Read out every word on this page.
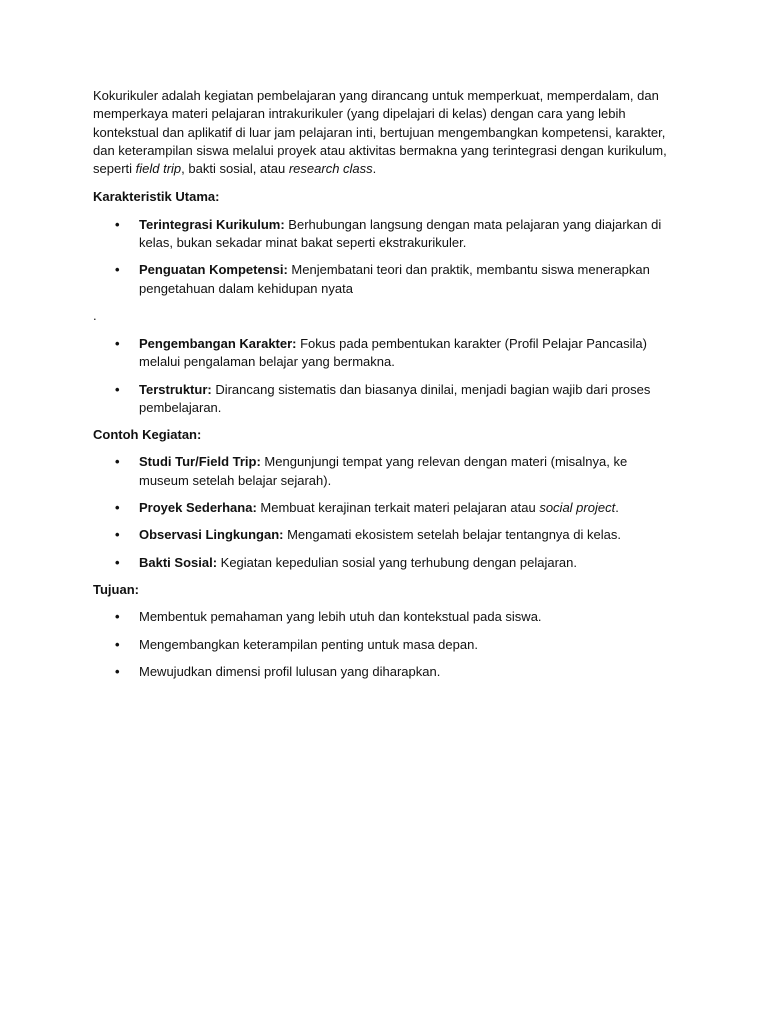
Kokurikuler adalah kegiatan pembelajaran yang dirancang untuk memperkuat, memperdalam, dan memperkaya materi pelajaran intrakurikuler (yang dipelajari di kelas) dengan cara yang lebih kontekstual dan aplikatif di luar jam pelajaran inti, bertujuan mengembangkan kompetensi, karakter, dan keterampilan siswa melalui proyek atau aktivitas bermakna yang terintegrasi dengan kurikulum, seperti field trip, bakti sosial, atau research class.

Karakteristik Utama:
• Terintegrasi Kurikulum: Berhubungan langsung dengan mata pelajaran yang diajarkan di kelas, bukan sekadar minat bakat seperti ekstrakurikuler.
• Penguatan Kompetensi: Menjembatani teori dan praktik, membantu siswa menerapkan pengetahuan dalam kehidupan nyata
.
• Pengembangan Karakter: Fokus pada pembentukan karakter (Profil Pelajar Pancasila) melalui pengalaman belajar yang bermakna.
• Terstruktur: Dirancang sistematis dan biasanya dinilai, menjadi bagian wajib dari proses pembelajaran.
Contoh Kegiatan:
• Studi Tur/Field Trip: Mengunjungi tempat yang relevan dengan materi (misalnya, ke museum setelah belajar sejarah).
• Proyek Sederhana: Membuat kerajinan terkait materi pelajaran atau social project.
• Observasi Lingkungan: Mengamati ekosistem setelah belajar tentangnya di kelas.
• Bakti Sosial: Kegiatan kepedulian sosial yang terhubung dengan pelajaran.
Tujuan:
• Membentuk pemahaman yang lebih utuh dan kontekstual pada siswa.
• Mengembangkan keterampilan penting untuk masa depan.
• Mewujudkan dimensi profil lulusan yang diharapkan.
